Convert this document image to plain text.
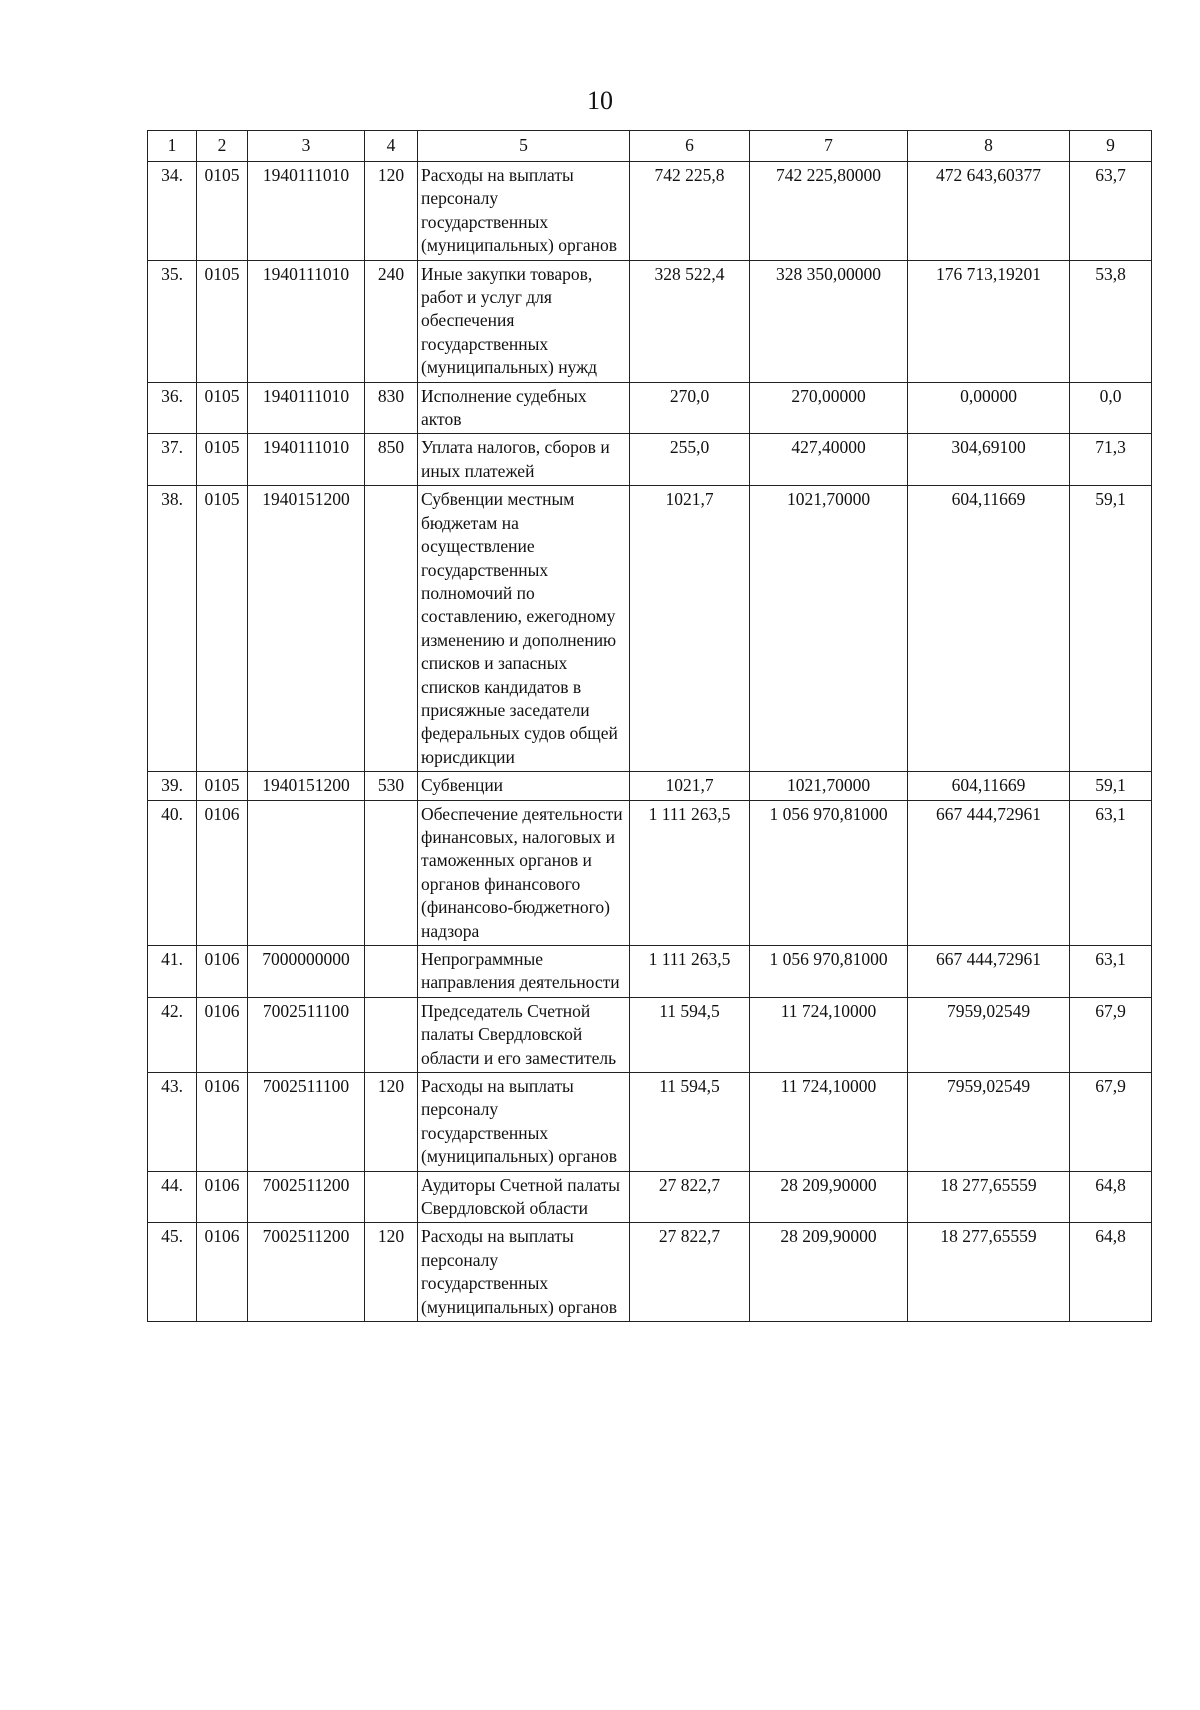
10
1	2	3	4	5	6	7	8	9
34.	0105	1940111010	120	Расходы на выплаты персоналу государственных (муниципальных) органов	742 225,8	742 225,80000	472 643,60377	63,7
35.	0105	1940111010	240	Иные закупки товаров, работ и услуг для обеспечения государственных (муниципальных) нужд	328 522,4	328 350,00000	176 713,19201	53,8
36.	0105	1940111010	830	Исполнение судебных актов	270,0	270,00000	0,00000	0,0
37.	0105	1940111010	850	Уплата налогов, сборов и иных платежей	255,0	427,40000	304,69100	71,3
38.	0105	1940151200		Субвенции местным бюджетам на осуществление государственных полномочий по составлению, ежегодному изменению и дополнению списков и запасных списков кандидатов в присяжные заседатели федеральных судов общей юрисдикции	1021,7	1021,70000	604,11669	59,1
39.	0105	1940151200	530	Субвенции	1021,7	1021,70000	604,11669	59,1
40.	0106			Обеспечение деятельности финансовых, налоговых и таможенных органов и органов финансового (финансово-бюджетного) надзора	1 111 263,5	1 056 970,81000	667 444,72961	63,1
41.	0106	7000000000		Непрограммные направления деятельности	1 111 263,5	1 056 970,81000	667 444,72961	63,1
42.	0106	7002511100		Председатель Счетной палаты Свердловской области и его заместитель	11 594,5	11 724,10000	7959,02549	67,9
43.	0106	7002511100	120	Расходы на выплаты персоналу государственных (муниципальных) органов	11 594,5	11 724,10000	7959,02549	67,9
44.	0106	7002511200		Аудиторы Счетной палаты Свердловской области	27 822,7	28 209,90000	18 277,65559	64,8
45.	0106	7002511200	120	Расходы на выплаты персоналу государственных (муниципальных) органов	27 822,7	28 209,90000	18 277,65559	64,8
